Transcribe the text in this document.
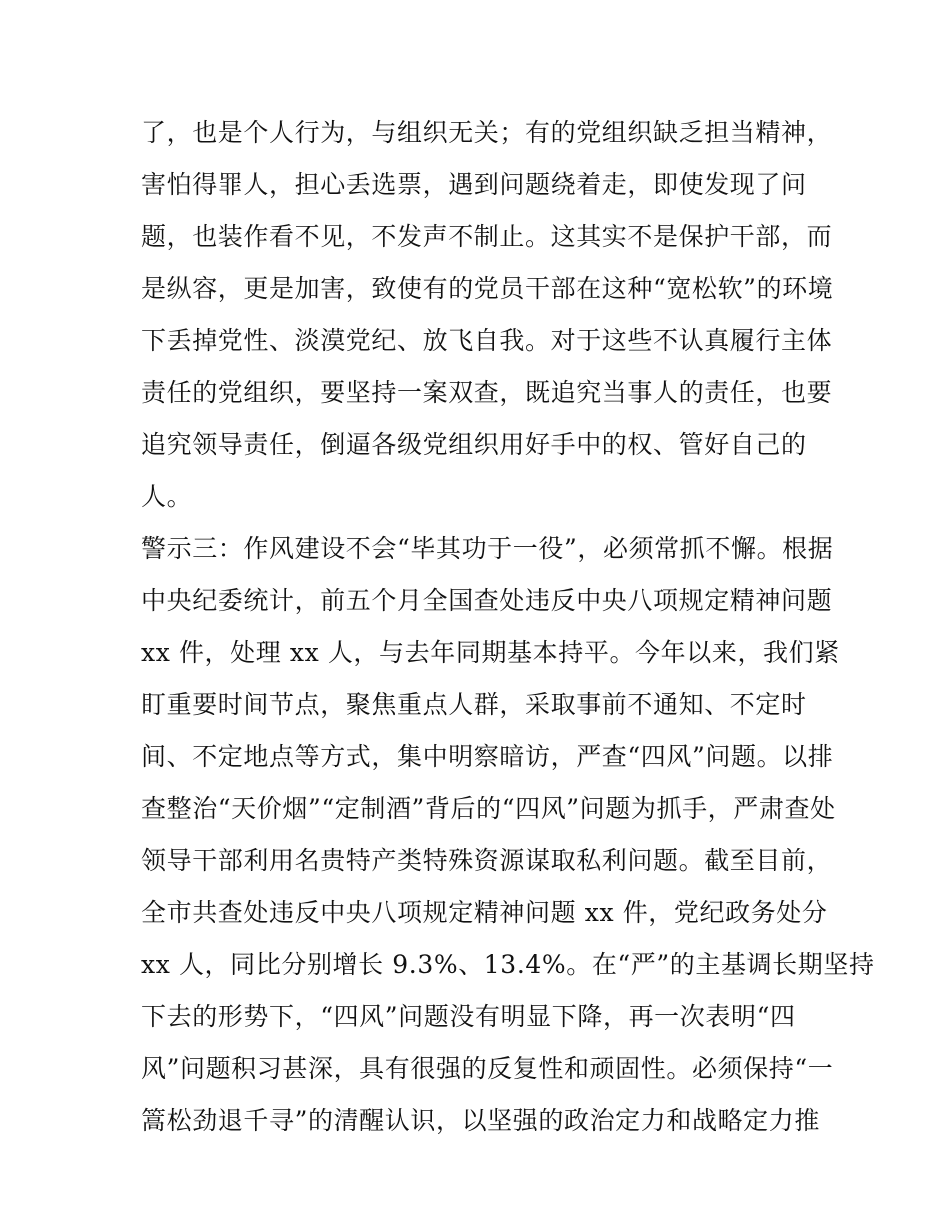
了，也是个人行为，与组织无关；有的党组织缺乏担当精神，
害怕得罪人，担心丢选票，遇到问题绕着走，即使发现了问
题，也装作看不见，不发声不制止。这其实不是保护干部，而
是纵容，更是加害，致使有的党员干部在这种“宽松软”的环境
下丢掉党性、淡漠党纪、放飞自我。对于这些不认真履行主体
责任的党组织，要坚持一案双查，既追究当事人的责任，也要
追究领导责任，倒逼各级党组织用好手中的权、管好自己的
人。
警示三：作风建设不会“毕其功于一役”，必须常抓不懈。根据
中央纪委统计，前五个月全国查处违反中央八项规定精神问题
xx 件，处理 xx 人，与去年同期基本持平。今年以来，我们紧
盯重要时间节点，聚焦重点人群，采取事前不通知、不定时
间、不定地点等方式，集中明察暗访，严查“四风”问题。以排
查整治“天价烟”“定制酒”背后的“四风”问题为抓手，严肃查处
领导干部利用名贵特产类特殊资源谋取私利问题。截至目前，
全市共查处违反中央八项规定精神问题 xx 件，党纪政务处分
xx 人，同比分别增长 9.3%、13.4%。在“严”的主基调长期坚持
下去的形势下，“四风”问题没有明显下降，再一次表明“四
风”问题积习甚深，具有很强的反复性和顽固性。必须保持“一
篙松劲退千寻”的清醒认识，以坚强的政治定力和战略定力推
